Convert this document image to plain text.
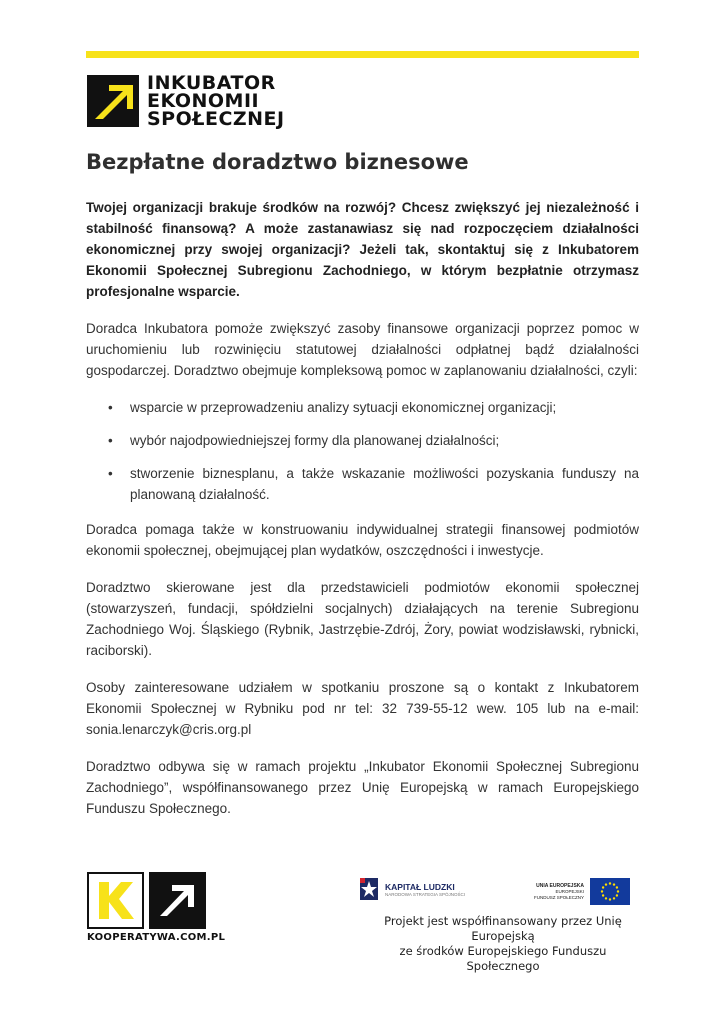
INKUBATOR
EKONOMII
SPOŁECZNEJ
Bezpłatne doradztwo biznesowe

Twojej organizacji brakuje środków na rozwój? Chcesz zwiększyć jej niezależność i stabilność finansową? A może zastanawiasz się nad rozpoczęciem działalności ekonomicznej przy swojej organizacji? Jeżeli tak, skontaktuj się z Inkubatorem Ekonomii Społecznej Subregionu Zachodniego, w którym bezpłatnie otrzymasz profesjonalne wsparcie.

Doradca Inkubatora pomoże zwiększyć zasoby finansowe organizacji poprzez pomoc w uruchomieniu lub rozwinięciu statutowej działalności odpłatnej bądź działalności gospodarczej. Doradztwo obejmuje kompleksową pomoc w zaplanowaniu działalności, czyli:

• wsparcie w przeprowadzeniu analizy sytuacji ekonomicznej organizacji;
• wybór najodpowiedniejszej formy dla planowanej działalności;
• stworzenie biznesplanu, a także wskazanie możliwości pozyskania funduszy na planowaną działalność.

Doradca pomaga także w konstruowaniu indywidualnej strategii finansowej podmiotów ekonomii społecznej, obejmującej plan wydatków, oszczędności i inwestycje.

Doradztwo skierowane jest dla przedstawicieli podmiotów ekonomii społecznej (stowarzyszeń, fundacji, spółdzielni socjalnych) działających na terenie Subregionu Zachodniego Woj. Śląskiego (Rybnik, Jastrzębie-Zdrój, Żory, powiat wodzisławski, rybnicki, raciborski).

Osoby zainteresowane udziałem w spotkaniu proszone są o kontakt z Inkubatorem Ekonomii Społecznej w Rybniku pod nr tel: 32 739-55-12 wew. 105 lub na e-mail: sonia.lenarczyk@cris.org.pl

Doradztwo odbywa się w ramach projektu „Inkubator Ekonomii Społecznej Subregionu Zachodniego”, współfinansowanego przez Unię Europejską w ramach Europejskiego Funduszu Społecznego.

KOOPERATYWA.COM.PL
KAPITAŁ LUDZKI
NARODOWA STRATEGIA SPÓJNOŚCI
UNIA EUROPEJSKA
EUROPEJSKI
FUNDUSZ SPOŁECZNY
Projekt jest współfinansowany przez Unię Europejską
ze środków Europejskiego Funduszu Społecznego
